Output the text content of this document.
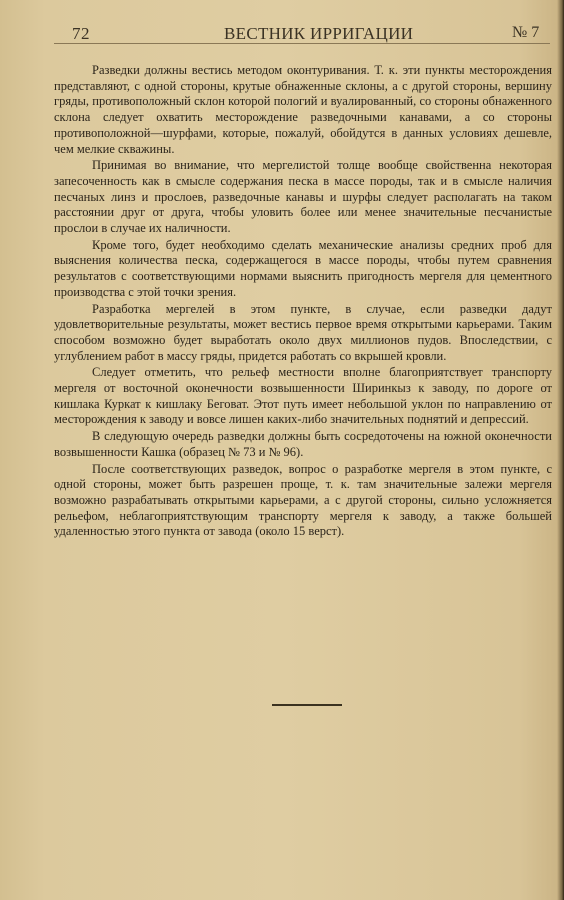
72	ВЕСТНИК ИРРИГАЦИИ	№ 7

Разведки должны вестись методом оконтуривания. Т. к. эти пункты месторождения представляют, с одной стороны, крутые обнаженные склоны, а с другой стороны, вершину гряды, противоположный склон которой пологий и вуалированный, со стороны обнаженного склона следует охватить месторождение разведочными канавами, а со стороны противоположной—шурфами, которые, пожалуй, обойдутся в данных условиях дешевле, чем мелкие скважины.

Принимая во внимание, что мергелистой толще вообще свойственна некоторая запесоченность как в смысле содержания песка в массе породы, так и в смысле наличия песчаных линз и прослоев, разведочные канавы и шурфы следует располагать на таком расстоянии друг от друга, чтобы уловить более или менее значительные песчанистые прослои в случае их наличности.

Кроме того, будет необходимо сделать механические анализы средних проб для выяснения количества песка, содержащегося в массе породы, чтобы путем сравнения результатов с соответствующими нормами выяснить пригодность мергеля для цементного производства с этой точки зрения.

Разработка мергелей в этом пункте, в случае, если разведки дадут удовлетворительные результаты, может вестись первое время открытыми карьерами. Таким способом возможно будет выработать около двух миллионов пудов. Впоследствии, с углублением работ в массу гряды, придется работать со вкрышей кровли.

Следует отметить, что рельеф местности вполне благоприятствует транспорту мергеля от восточной оконечности возвышенности Ширинкыз к заводу, по дороге от кишлака Куркат к кишлаку Беговат. Этот путь имеет небольшой уклон по направлению от месторождения к заводу и вовсе лишен каких-либо значительных поднятий и депрессий.

В следующую очередь разведки должны быть сосредоточены на южной оконечности возвышенности Кашка (образец № 73 и № 96).

После соответствующих разведок, вопрос о разработке мергеля в этом пункте, с одной стороны, может быть разрешен проще, т. к. там значительные залежи мергеля возможно разрабатывать открытыми карьерами, а с другой стороны, сильно усложняется рельефом, неблагоприятствующим транспорту мергеля к заводу, а также большей удаленностью этого пункта от завода (около 15 верст).
